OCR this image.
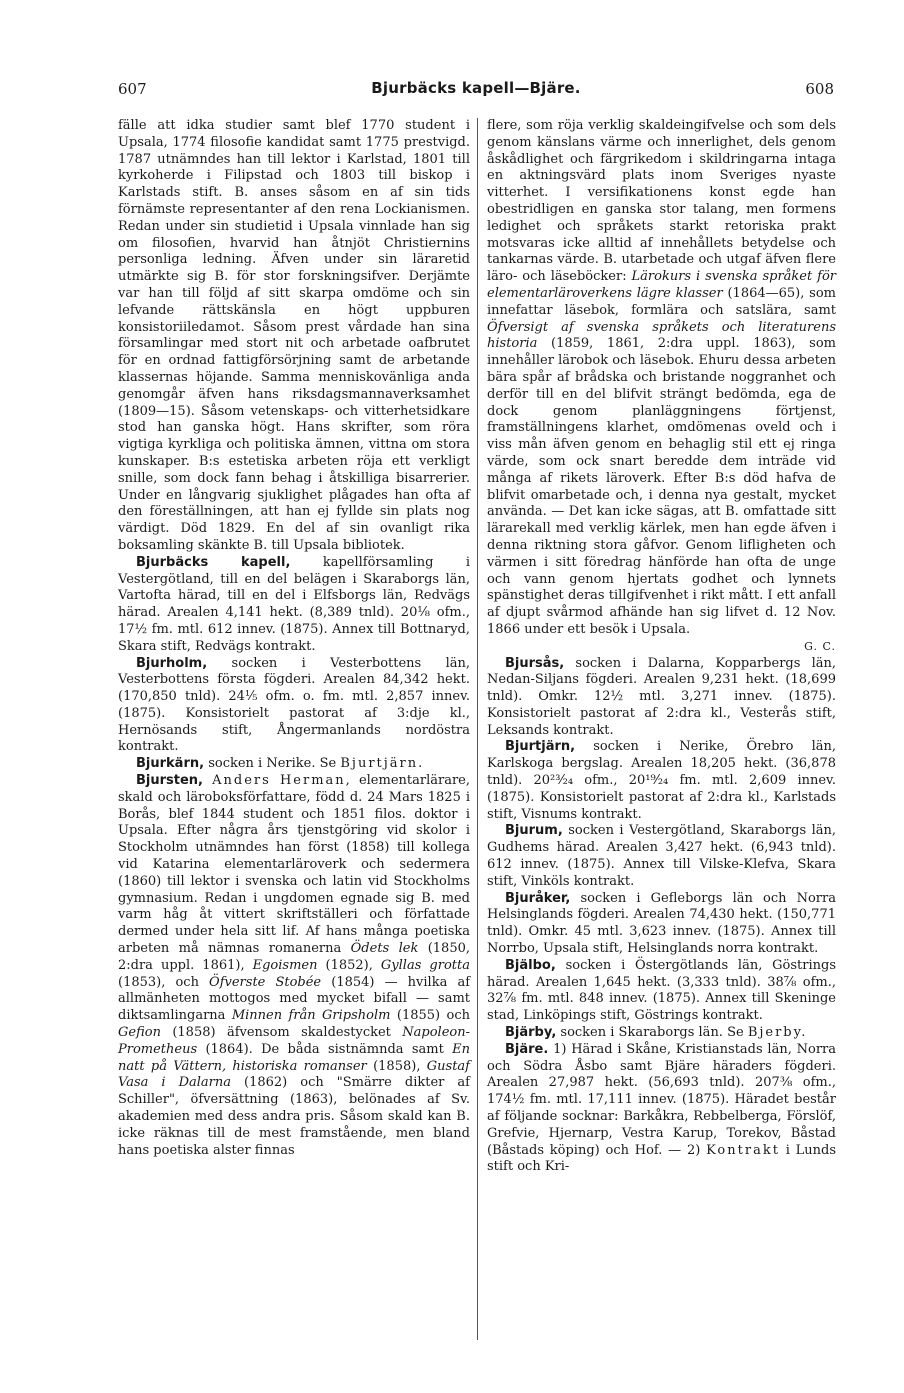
607	Bjurbäcks kapell—Bjäre.	608

fälle att idka studier samt blef 1770 student i Upsala, 1774 filosofie kandidat samt 1775 prestvigd. 1787 utnämndes han till lektor i Karlstad, 1801 till kyrkoherde i Filipstad och 1803 till biskop i Karlstads stift. B. anses såsom en af sin tids förnämste representanter af den rena Lockianismen. Redan under sin studietid i Upsala vinnlade han sig om filosofien, hvarvid han åtnjöt Christiernins personliga ledning. Äfven under sin läraretid utmärkte sig B. för stor forskningsifver. Derjämte var han till följd af sitt skarpa omdöme och sin lefvande rättskänsla en högt uppburen konsistoriiledamot. Såsom prest vårdade han sina församlingar med stort nit och arbetade oafbrutet för en ordnad fattigförsörjning samt de arbetande klassernas höjande. Samma menniskovänliga anda genomgår äfven hans riksdagsmannaverksamhet (1809—15). Såsom vetenskaps- och vitterhetsidkare stod han ganska högt. Hans skrifter, som röra vigtiga kyrkliga och politiska ämnen, vittna om stora kunskaper. B:s estetiska arbeten röja ett verkligt snille, som dock fann behag i åtskilliga bisarrerier. Under en långvarig sjuklighet plågades han ofta af den föreställningen, att han ej fyllde sin plats nog värdigt. Död 1829. En del af sin ovanligt rika boksamling skänkte B. till Upsala bibliotek.

Bjurbäcks kapell, kapellförsamling i Vestergötland, till en del belägen i Skaraborgs län, Vartofta härad, till en del i Elfsborgs län, Redvägs härad. Arealen 4,141 hekt. (8,389 tnld). 20⅛ ofm., 17½ fm. mtl. 612 innev. (1875). Annex till Bottnaryd, Skara stift, Redvägs kontrakt.

Bjurholm, socken i Vesterbottens län, Vesterbottens första fögderi. Arealen 84,342 hekt. (170,850 tnld). 24⅕ ofm. o. fm. mtl. 2,857 innev. (1875). Konsistorielt pastorat af 3:dje kl., Hernösands stift, Ångermanlands nordöstra kontrakt.

Bjurkärn, socken i Nerike. Se Bjurtjärn.

Bjursten, Anders Herman, elementarlärare, skald och läroboksförfattare, född d. 24 Mars 1825 i Borås, blef 1844 student och 1851 filos. doktor i Upsala. Efter några års tjenstgöring vid skolor i Stockholm utnämndes han först (1858) till kollega vid Katarina elementarläroverk och sedermera (1860) till lektor i svenska och latin vid Stockholms gymnasium. Redan i ungdomen egnade sig B. med varm håg åt vittert skriftställeri och författade dermed under hela sitt lif. Af hans många poetiska arbeten må nämnas romanerna Ödets lek (1850, 2:dra uppl. 1861), Egoismen (1852), Gyllas grotta (1853), och Öfverste Stobée (1854) — hvilka af allmänheten mottogos med mycket bifall — samt diktsamlingarna Minnen från Gripsholm (1855) och Gefion (1858) äfvensom skaldestycket Napoleon-Prometheus (1864). De båda sistnämnda samt En natt på Vättern, historiska romanser (1858), Gustaf Vasa i Dalarna (1862) och "Smärre dikter af Schiller", öfversättning (1863), belönades af Sv. akademien med dess andra pris. Såsom skald kan B. icke räknas till de mest framstående, men bland hans poetiska alster finnas

flere, som röja verklig skaldeingifvelse och som dels genom känslans värme och innerlighet, dels genom åskådlighet och färgrikedom i skildringarna intaga en aktningsvärd plats inom Sveriges nyaste vitterhet. I versifikationens konst egde han obestridligen en ganska stor talang, men formens ledighet och språkets starkt retoriska prakt motsvaras icke alltid af innehållets betydelse och tankarnas värde. B. utarbetade och utgaf äfven flere läro- och läseböcker: Lärokurs i svenska språket för elementarläroverkens lägre klasser (1864—65), som innefattar läsebok, formlära och satslära, samt Öfversigt af svenska språkets och literaturens historia (1859, 1861, 2:dra uppl. 1863), som innehåller lärobok och läsebok. Ehuru dessa arbeten bära spår af brådska och bristande noggranhet och derför till en del blifvit strängt bedömda, ega de dock genom planläggningens förtjenst, framställningens klarhet, omdömenas oveld och i viss mån äfven genom en behaglig stil ett ej ringa värde, som ock snart beredde dem inträde vid många af rikets läroverk. Efter B:s död hafva de blifvit omarbetade och, i denna nya gestalt, mycket använda. — Det kan icke sägas, att B. omfattade sitt lärarekall med verklig kärlek, men han egde äfven i denna riktning stora gåfvor. Genom lifligheten och värmen i sitt föredrag hänförde han ofta de unge och vann genom hjertats godhet och lynnets spänstighet deras tillgifvenhet i rikt mått. I ett anfall af djupt svårmod afhände han sig lifvet d. 12 Nov. 1866 under ett besök i Upsala.
G. C.

Bjursås, socken i Dalarna, Kopparbergs län, Nedan-Siljans fögderi. Arealen 9,231 hekt. (18,699 tnld). Omkr. 12½ mtl. 3,271 innev. (1875). Konsistorielt pastorat af 2:dra kl., Vesterås stift, Leksands kontrakt.

Bjurtjärn, socken i Nerike, Örebro län, Karlskoga bergslag. Arealen 18,205 hekt. (36,878 tnld). 20²³⁄₂₄ ofm., 20¹⁹⁄₂₄ fm. mtl. 2,609 innev. (1875). Konsistorielt pastorat af 2:dra kl., Karlstads stift, Visnums kontrakt.

Bjurum, socken i Vestergötland, Skaraborgs län, Gudhems härad. Arealen 3,427 hekt. (6,943 tnld). 612 innev. (1875). Annex till Vilske-Klefva, Skara stift, Vinköls kontrakt.

Bjuråker, socken i Gefleborgs län och Norra Helsinglands fögderi. Arealen 74,430 hekt. (150,771 tnld). Omkr. 45 mtl. 3,623 innev. (1875). Annex till Norrbo, Upsala stift, Helsinglands norra kontrakt.

Bjälbo, socken i Östergötlands län, Göstrings härad. Arealen 1,645 hekt. (3,333 tnld). 38⅞ ofm., 32⅞ fm. mtl. 848 innev. (1875). Annex till Skeninge stad, Linköpings stift, Göstrings kontrakt.

Bjärby, socken i Skaraborgs län. Se Bjerby.

Bjäre. 1) Härad i Skåne, Kristianstads län, Norra och Södra Åsbo samt Bjäre häraders fögderi. Arealen 27,987 hekt. (56,693 tnld). 207⅜ ofm., 174½ fm. mtl. 17,111 innev. (1875). Häradet består af följande socknar: Barkåkra, Rebbelberga, Förslöf, Grefvie, Hjernarp, Vestra Karup, Torekov, Båstad (Båstads köping) och Hof. — 2) Kontrakt i Lunds stift och Kri-
